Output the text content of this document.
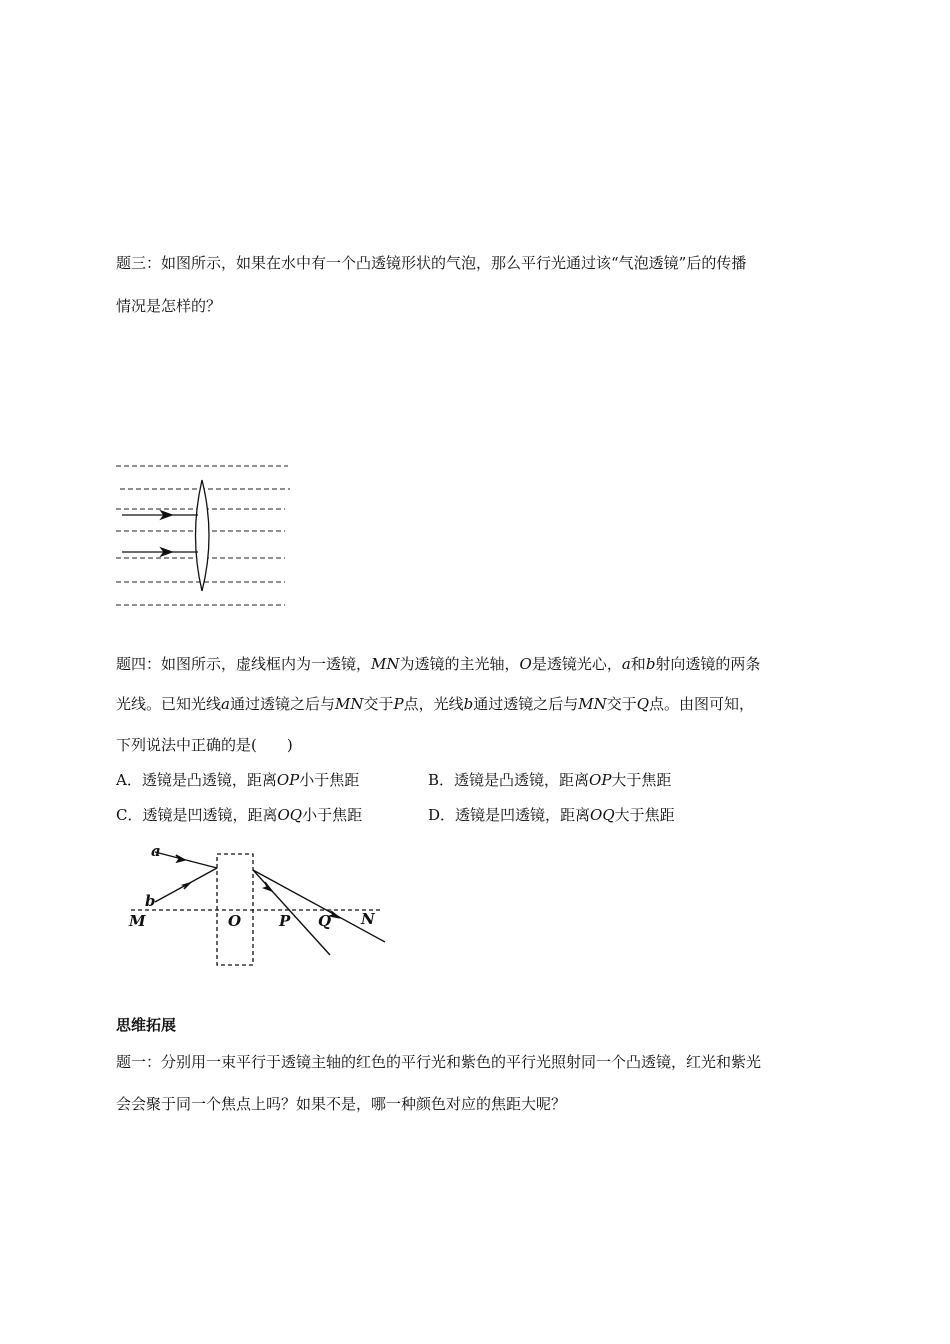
题三：如图所示，如果在水中有一个凸透镜形状的气泡，那么平行光通过该“气泡透镜”后的传播
情况是怎样的？
题四：如图所示，虚线框内为一透镜，MN为透镜的主光轴，O是透镜光心，a和b射向透镜的两条
光线。已知光线a通过透镜之后与MN交于P点，光线b通过透镜之后与MN交于Q点。由图可知，
下列说法中正确的是(　　)
A．透镜是凸透镜，距离OP小于焦距	B．透镜是凸透镜，距离OP大于焦距
C．透镜是凹透镜，距离OQ小于焦距	D．透镜是凹透镜，距离OQ大于焦距
a
b
M	O	P Q N
思维拓展
题一：分别用一束平行于透镜主轴的红色的平行光和紫色的平行光照射同一个凸透镜，红光和紫光
会会聚于同一个焦点上吗？如果不是，哪一种颜色对应的焦距大呢？
